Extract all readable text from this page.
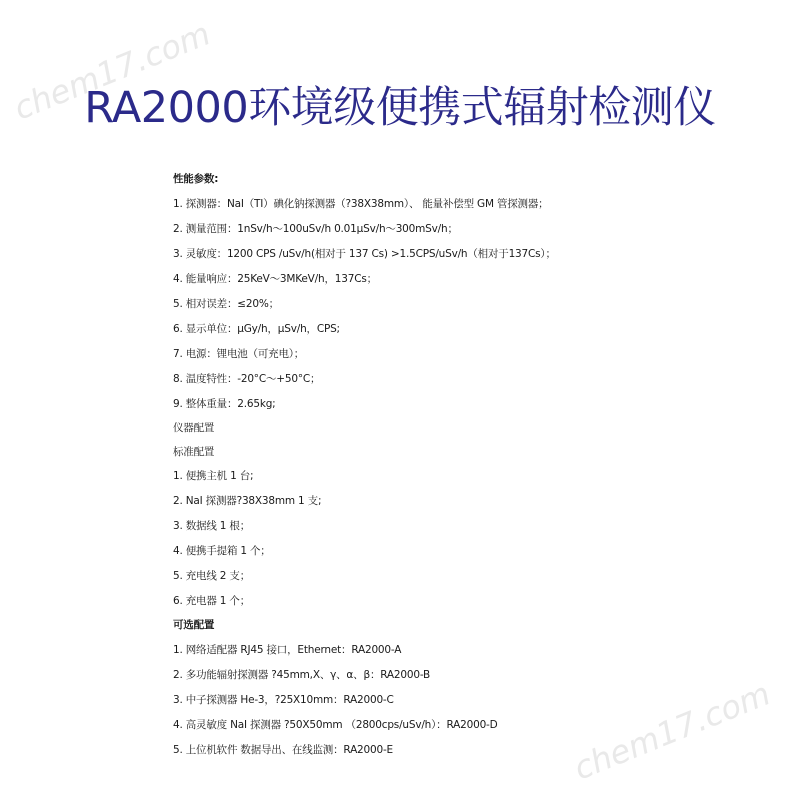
chem17.com
chem17.com
RA2000环境级便携式辐射检测仪
性能参数:
1. 探测器：NaI（TI）碘化钠探测器（?38X38mm）、 能量补偿型 GM 管探测器；
2. 测量范围：1nSv/h～100uSv/h 0.01μSv/h～300mSv/h；
3. 灵敏度：1200 CPS /uSv/h(相对于 137 Cs) >1.5CPS/uSv/h（相对于137Cs）；
4. 能量响应：25KeV～3MKeV/h，137Cs；
5. 相对误差：≤20%；
6. 显示单位：μGy/h，μSv/h，CPS;
7. 电源：锂电池（可充电）；
8. 温度特性：-20°C～+50°C；
9. 整体重量：2.65kg;
仪器配置
标准配置
1. 便携主机 1 台;
2. NaI 探测器?38X38mm 1 支;
3. 数据线 1 根；
4. 便携手提箱 1 个；
5. 充电线 2 支；
6. 充电器 1 个；
可选配置
1. 网络适配器 RJ45 接口，Ethernet：RA2000-A
2. 多功能辐射探测器 ?45mm,X、γ、α、β：RA2000-B
3. 中子探测器 He-3，?25X10mm：RA2000-C
4. 高灵敏度 NaI 探测器 ?50X50mm （2800cps/uSv/h）：RA2000-D
5. 上位机软件 数据导出、在线监测：RA2000-E
